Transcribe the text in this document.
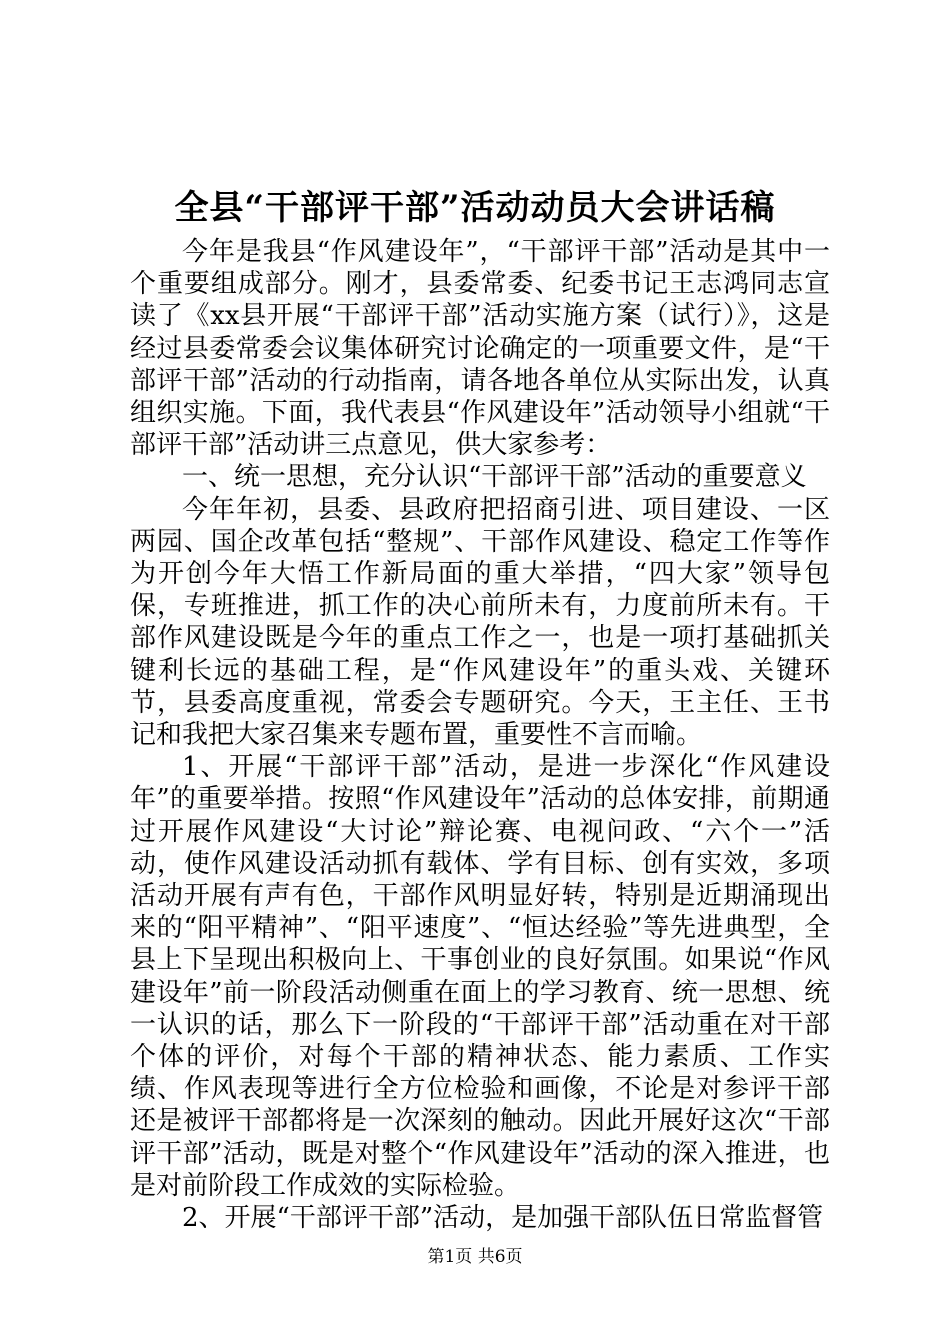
全县“干部评干部”活动动员大会讲话稿

今年是我县“作风建设年”，“干部评干部”活动是其中一个重要组成部分。刚才，县委常委、纪委书记王志鸿同志宣读了《xx县开展“干部评干部”活动实施方案（试行）》，这是经过县委常委会议集体研究讨论确定的一项重要文件，是“干部评干部”活动的行动指南，请各地各单位从实际出发，认真组织实施。下面，我代表县“作风建设年”活动领导小组就“干部评干部”活动讲三点意见，供大家参考：

一、统一思想，充分认识“干部评干部”活动的重要意义

今年年初，县委、县政府把招商引进、项目建设、一区两园、国企改革包括“整规”、干部作风建设、稳定工作等作为开创今年大悟工作新局面的重大举措，“四大家”领导包保，专班推进，抓工作的决心前所未有，力度前所未有。干部作风建设既是今年的重点工作之一，也是一项打基础抓关键利长远的基础工程，是“作风建设年”的重头戏、关键环节，县委高度重视，常委会专题研究。今天，王主任、王书记和我把大家召集来专题布置，重要性不言而喻。

1、开展“干部评干部”活动，是进一步深化“作风建设年”的重要举措。按照“作风建设年”活动的总体安排，前期通过开展作风建设“大讨论”辩论赛、电视问政、“六个一”活动，使作风建设活动抓有载体、学有目标、创有实效，多项活动开展有声有色，干部作风明显好转，特别是近期涌现出来的“阳平精神”、“阳平速度”、“恒达经验”等先进典型，全县上下呈现出积极向上、干事创业的良好氛围。如果说“作风建设年”前一阶段活动侧重在面上的学习教育、统一思想、统一认识的话，那么下一阶段的“干部评干部”活动重在对干部个体的评价，对每个干部的精神状态、能力素质、工作实绩、作风表现等进行全方位检验和画像，不论是对参评干部还是被评干部都将是一次深刻的触动。因此开展好这次“干部评干部”活动，既是对整个“作风建设年”活动的深入推进，也是对前阶段工作成效的实际检验。

2、开展“干部评干部”活动，是加强干部队伍日常监督管

第1页 共6页
